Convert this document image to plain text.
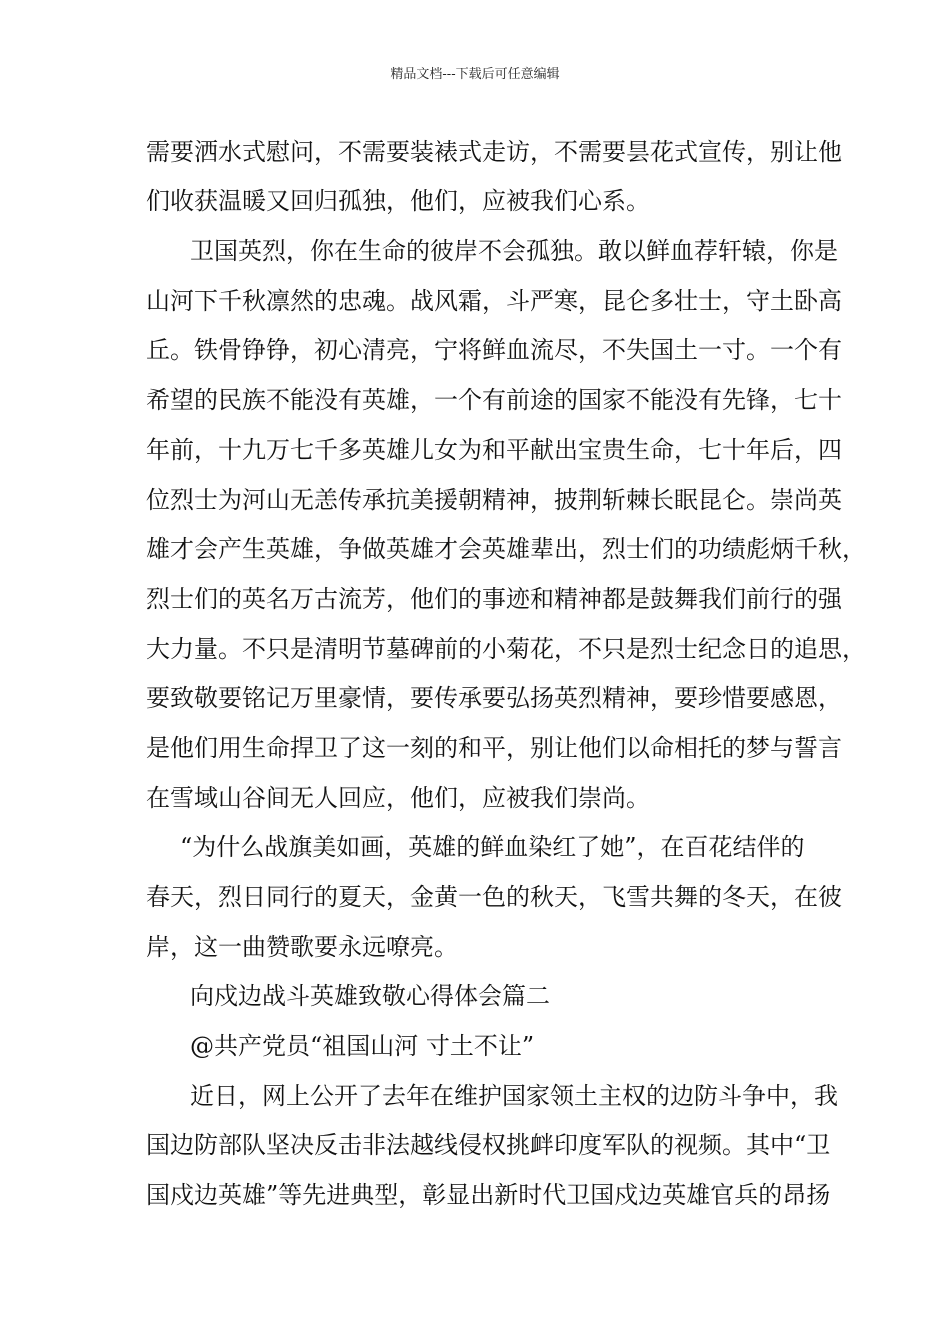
精品文档---下载后可任意编辑
需要洒水式慰问，不需要装裱式走访，不需要昙花式宣传，别让他
们收获温暖又回归孤独，他们，应被我们心系。
卫国英烈，你在生命的彼岸不会孤独。敢以鲜血荐轩辕，你是
山河下千秋凛然的忠魂。战风霜，斗严寒，昆仑多壮士，守土卧高
丘。铁骨铮铮，初心清亮，宁将鲜血流尽，不失国土一寸。一个有
希望的民族不能没有英雄，一个有前途的国家不能没有先锋，七十
年前，十九万七千多英雄儿女为和平献出宝贵生命，七十年后，四
位烈士为河山无恙传承抗美援朝精神，披荆斩棘长眠昆仑。崇尚英
雄才会产生英雄，争做英雄才会英雄辈出，烈士们的功绩彪炳千秋，
烈士们的英名万古流芳，他们的事迹和精神都是鼓舞我们前行的强
大力量。不只是清明节墓碑前的小菊花，不只是烈士纪念日的追思，
要致敬要铭记万里豪情，要传承要弘扬英烈精神，要珍惜要感恩，
是他们用生命捍卫了这一刻的和平，别让他们以命相托的梦与誓言
在雪域山谷间无人回应，他们，应被我们崇尚。
“为什么战旗美如画，英雄的鲜血染红了她”，在百花结伴的
春天，烈日同行的夏天，金黄一色的秋天，飞雪共舞的冬天，在彼
岸，这一曲赞歌要永远嘹亮。
向戍边战斗英雄致敬心得体会篇二
@共产党员“祖国山河 寸土不让”
近日，网上公开了去年在维护国家领土主权的边防斗争中，我
国边防部队坚决反击非法越线侵权挑衅印度军队的视频。其中“卫
国戍边英雄”等先进典型，彰显出新时代卫国戍边英雄官兵的昂扬
